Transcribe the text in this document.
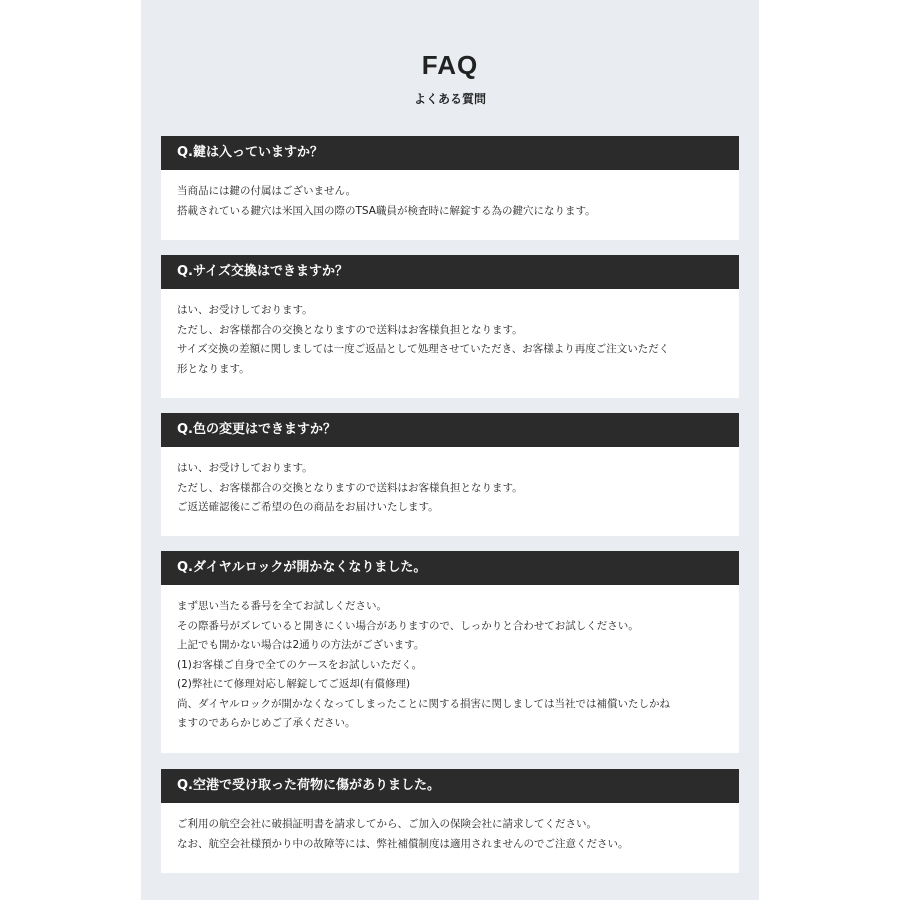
FAQ
よくある質問
Q.鍵は入っていますか？

当商品には鍵の付属はございません。

搭載されている鍵穴は米国入国の際のTSA職員が検査時に解錠する為の鍵穴になります。

Q.サイズ交換はできますか？

はい、お受けしております。

ただし、お客様都合の交換となりますので送料はお客様負担となります。

サイズ交換の差額に関しましては一度ご返品として処理させていただき、お客様より再度ご注文いただく

形となります。

Q.色の変更はできますか？

はい、お受けしております。

ただし、お客様都合の交換となりますので送料はお客様負担となります。

ご返送確認後にご希望の色の商品をお届けいたします。

Q.ダイヤルロックが開かなくなりました。

まず思い当たる番号を全てお試しください。

その際番号がズレていると開きにくい場合がありますので、しっかりと合わせてお試しください。

上記でも開かない場合は2通りの方法がございます。

(1)お客様ご自身で全てのケースをお試しいただく。

(2)弊社にて修理対応し解錠してご返却(有償修理)

尚、ダイヤルロックが開かなくなってしまったことに関する損害に関しましては当社では補償いたしかね

ますのであらかじめご了承ください。

Q.空港で受け取った荷物に傷がありました。

ご利用の航空会社に破損証明書を請求してから、ご加入の保険会社に請求してください。

なお、航空会社様預かり中の故障等には、弊社補償制度は適用されませんのでご注意ください。
